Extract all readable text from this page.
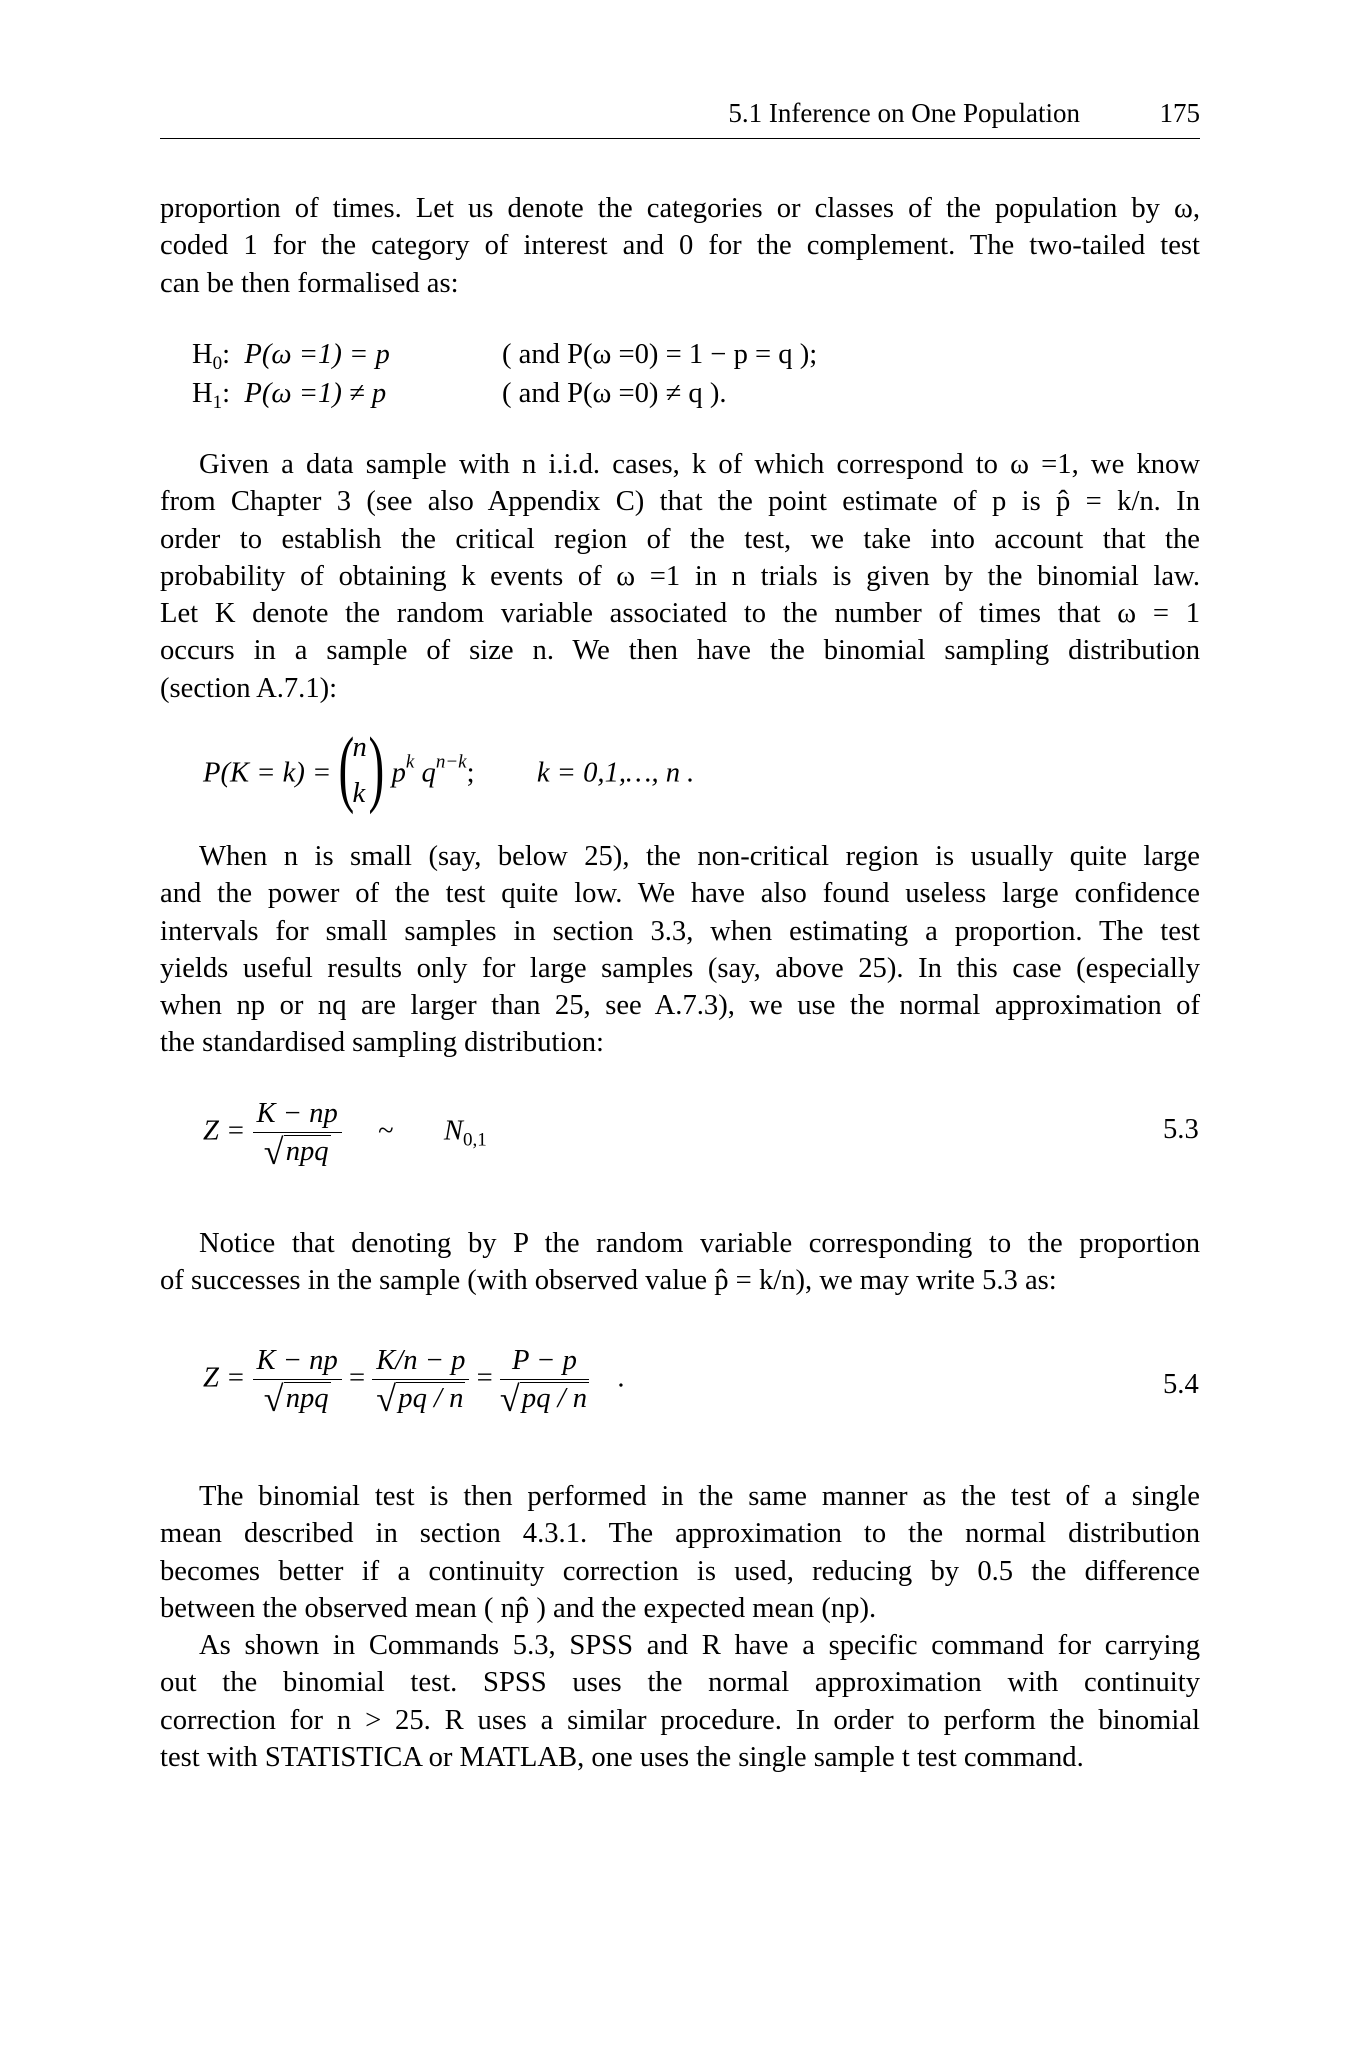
5.1 Inference on One Population	175
proportion of times. Let us denote the categories or classes of the population by ω,
coded 1 for the category of interest and 0 for the complement. The two-tailed test
can be then formalised as:
$H_0$:  P(ω =1) = p	( and P(ω =0) = 1 − p = q );
$H_1$:  P(ω =1) ≠ p	( and P(ω =0) ≠ q ).
Given a data sample with n i.i.d. cases, k of which correspond to ω =1, we know
from Chapter 3 (see also Appendix C) that the point estimate of p is p̂ = k/n. In
order to establish the critical region of the test, we take into account that the
probability of obtaining k events of ω =1 in n trials is given by the binomial law.
Let K denote the random variable associated to the number of times that ω = 1
occurs in a sample of size n. We then have the binomial sampling distribution
(section A.7.1):
P(K = k) = (
n
k ) $p^k$ $q^{n-k}$; k = 0,1,…, n .
When n is small (say, below 25), the non-critical region is usually quite large
and the power of the test quite low. We have also found useless large confidence
intervals for small samples in section 3.3, when estimating a proportion. The test
yields useful results only for large samples (say, above 25). In this case (especially
when np or nq are larger than 25, see A.7.3), we use the normal approximation of
the standardised sampling distribution:
$Z = \frac{K - np}{\text{√ npq}}$ ~ $N_{0,1}$	5.3
Notice that denoting by P the random variable corresponding to the proportion
of successes in the sample (with observed value p̂ = k/n), we may write 5.3 as:
$Z = \frac{K - np}{\text{√ npq}} = \frac{K/n - p}{√ pq / n} = \frac{P - p}{√ pq / n}$ .	5.4
The binomial test is then performed in the same manner as the test of a single
mean described in section 4.3.1. The approximation to the normal distribution
becomes better if a continuity correction is used, reducing by 0.5 the difference
between the observed mean ( np̂ ) and the expected mean (np).
As shown in Commands 5.3, SPSS and R have a specific command for carrying
out the binomial test. SPSS uses the normal approximation with continuity
correction for n > 25. R uses a similar procedure. In order to perform the binomial
test with STATISTICA or MATLAB, one uses the single sample t test command.
